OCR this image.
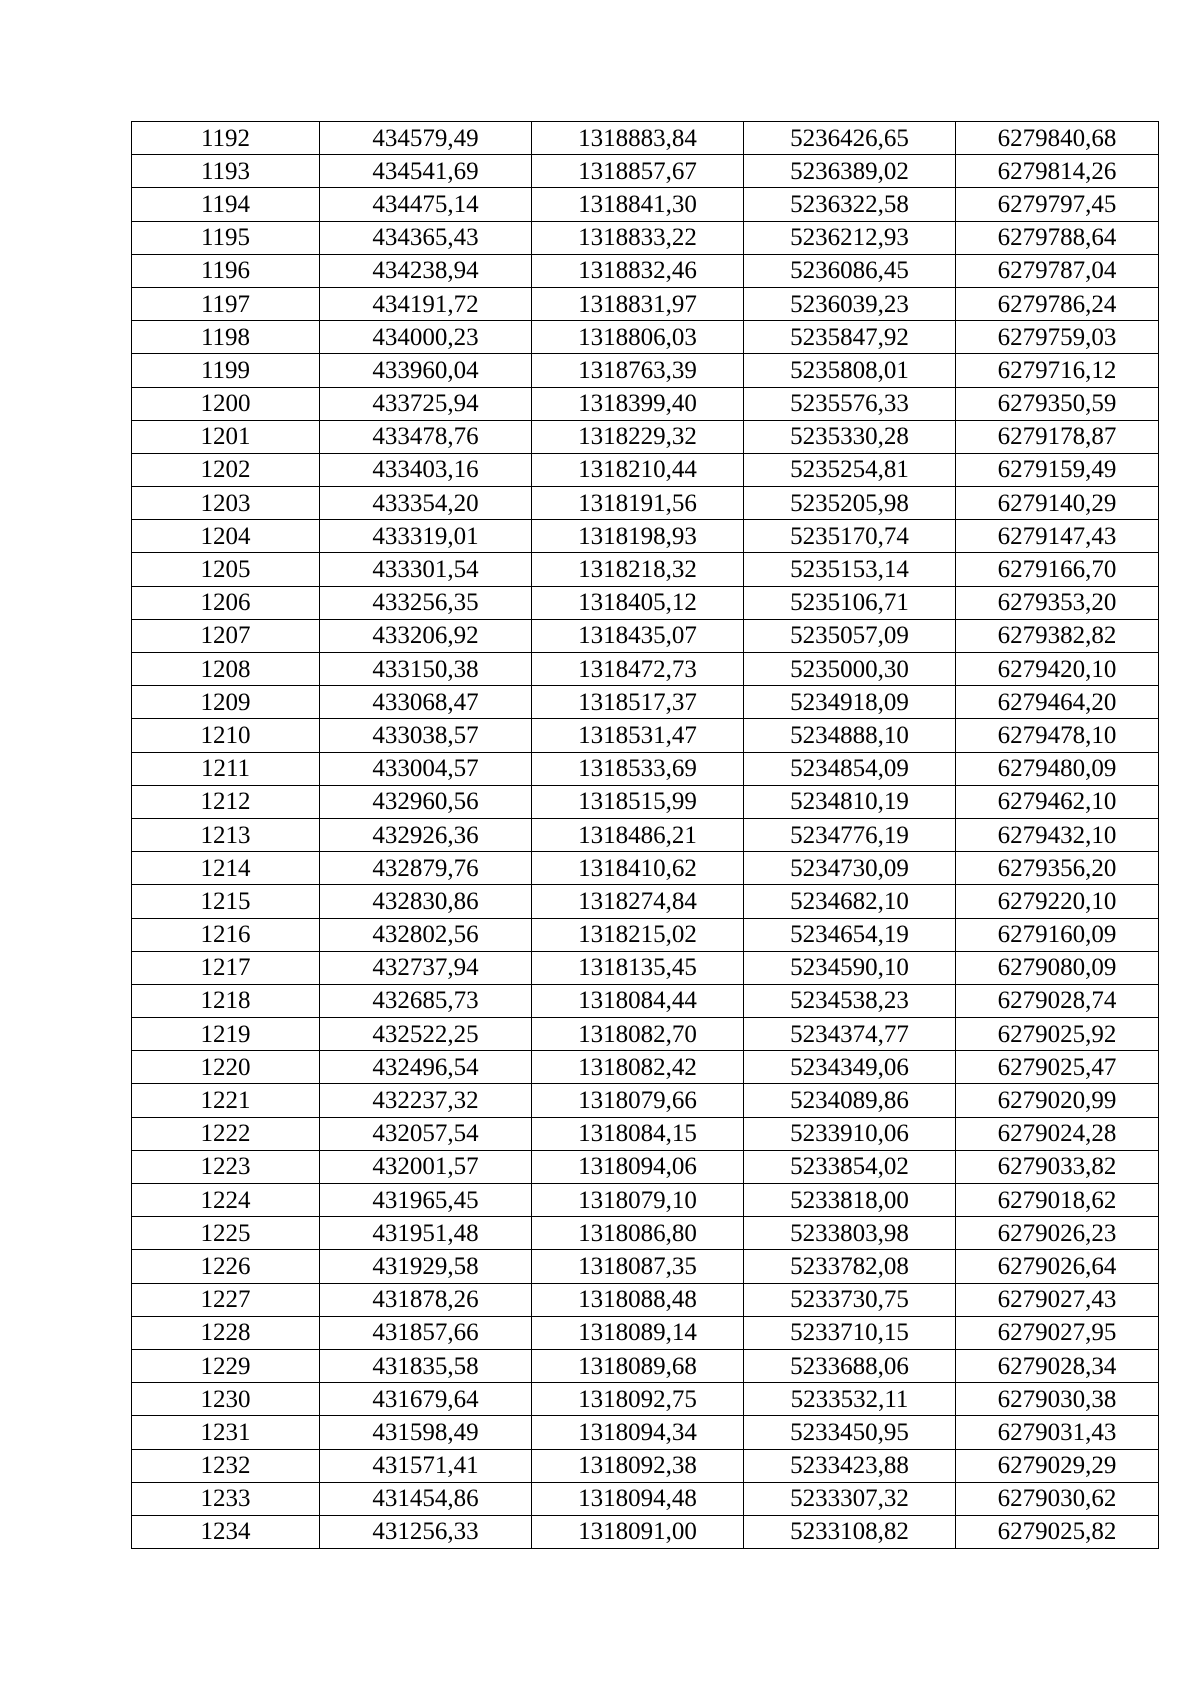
1192	434579,49	1318883,84	5236426,65	6279840,68
1193	434541,69	1318857,67	5236389,02	6279814,26
1194	434475,14	1318841,30	5236322,58	6279797,45
1195	434365,43	1318833,22	5236212,93	6279788,64
1196	434238,94	1318832,46	5236086,45	6279787,04
1197	434191,72	1318831,97	5236039,23	6279786,24
1198	434000,23	1318806,03	5235847,92	6279759,03
1199	433960,04	1318763,39	5235808,01	6279716,12
1200	433725,94	1318399,40	5235576,33	6279350,59
1201	433478,76	1318229,32	5235330,28	6279178,87
1202	433403,16	1318210,44	5235254,81	6279159,49
1203	433354,20	1318191,56	5235205,98	6279140,29
1204	433319,01	1318198,93	5235170,74	6279147,43
1205	433301,54	1318218,32	5235153,14	6279166,70
1206	433256,35	1318405,12	5235106,71	6279353,20
1207	433206,92	1318435,07	5235057,09	6279382,82
1208	433150,38	1318472,73	5235000,30	6279420,10
1209	433068,47	1318517,37	5234918,09	6279464,20
1210	433038,57	1318531,47	5234888,10	6279478,10
1211	433004,57	1318533,69	5234854,09	6279480,09
1212	432960,56	1318515,99	5234810,19	6279462,10
1213	432926,36	1318486,21	5234776,19	6279432,10
1214	432879,76	1318410,62	5234730,09	6279356,20
1215	432830,86	1318274,84	5234682,10	6279220,10
1216	432802,56	1318215,02	5234654,19	6279160,09
1217	432737,94	1318135,45	5234590,10	6279080,09
1218	432685,73	1318084,44	5234538,23	6279028,74
1219	432522,25	1318082,70	5234374,77	6279025,92
1220	432496,54	1318082,42	5234349,06	6279025,47
1221	432237,32	1318079,66	5234089,86	6279020,99
1222	432057,54	1318084,15	5233910,06	6279024,28
1223	432001,57	1318094,06	5233854,02	6279033,82
1224	431965,45	1318079,10	5233818,00	6279018,62
1225	431951,48	1318086,80	5233803,98	6279026,23
1226	431929,58	1318087,35	5233782,08	6279026,64
1227	431878,26	1318088,48	5233730,75	6279027,43
1228	431857,66	1318089,14	5233710,15	6279027,95
1229	431835,58	1318089,68	5233688,06	6279028,34
1230	431679,64	1318092,75	5233532,11	6279030,38
1231	431598,49	1318094,34	5233450,95	6279031,43
1232	431571,41	1318092,38	5233423,88	6279029,29
1233	431454,86	1318094,48	5233307,32	6279030,62
1234	431256,33	1318091,00	5233108,82	6279025,82
